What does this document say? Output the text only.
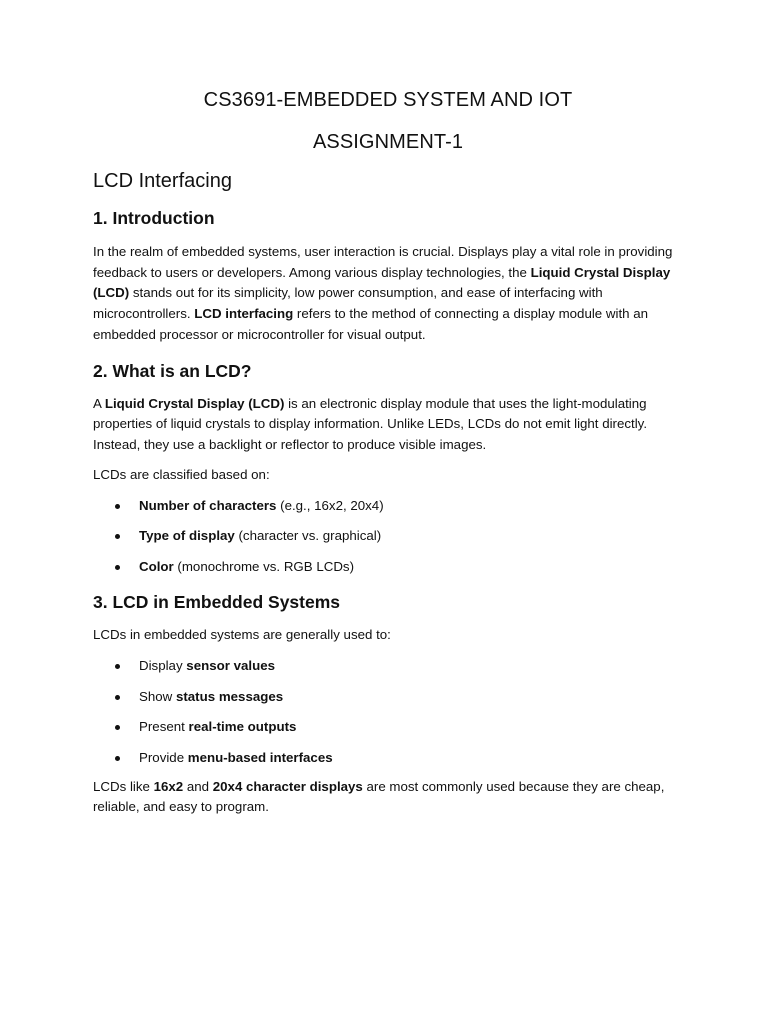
CS3691-EMBEDDED SYSTEM AND IOT
ASSIGNMENT-1
LCD Interfacing
1. Introduction

In the realm of embedded systems, user interaction is crucial. Displays play a vital role in providing feedback to users or developers. Among various display technologies, the Liquid Crystal Display (LCD) stands out for its simplicity, low power consumption, and ease of interfacing with microcontrollers. LCD interfacing refers to the method of connecting a display module with an embedded processor or microcontroller for visual output.

2. What is an LCD?

A Liquid Crystal Display (LCD) is an electronic display module that uses the light-modulating properties of liquid crystals to display information. Unlike LEDs, LCDs do not emit light directly. Instead, they use a backlight or reflector to produce visible images.

LCDs are classified based on:

Number of characters (e.g., 16x2, 20x4)
Type of display (character vs. graphical)
Color (monochrome vs. RGB LCDs)
3. LCD in Embedded Systems

LCDs in embedded systems are generally used to:

Display sensor values
Show status messages
Present real-time outputs
Provide menu-based interfaces

LCDs like 16x2 and 20x4 character displays are most commonly used because they are cheap, reliable, and easy to program.
